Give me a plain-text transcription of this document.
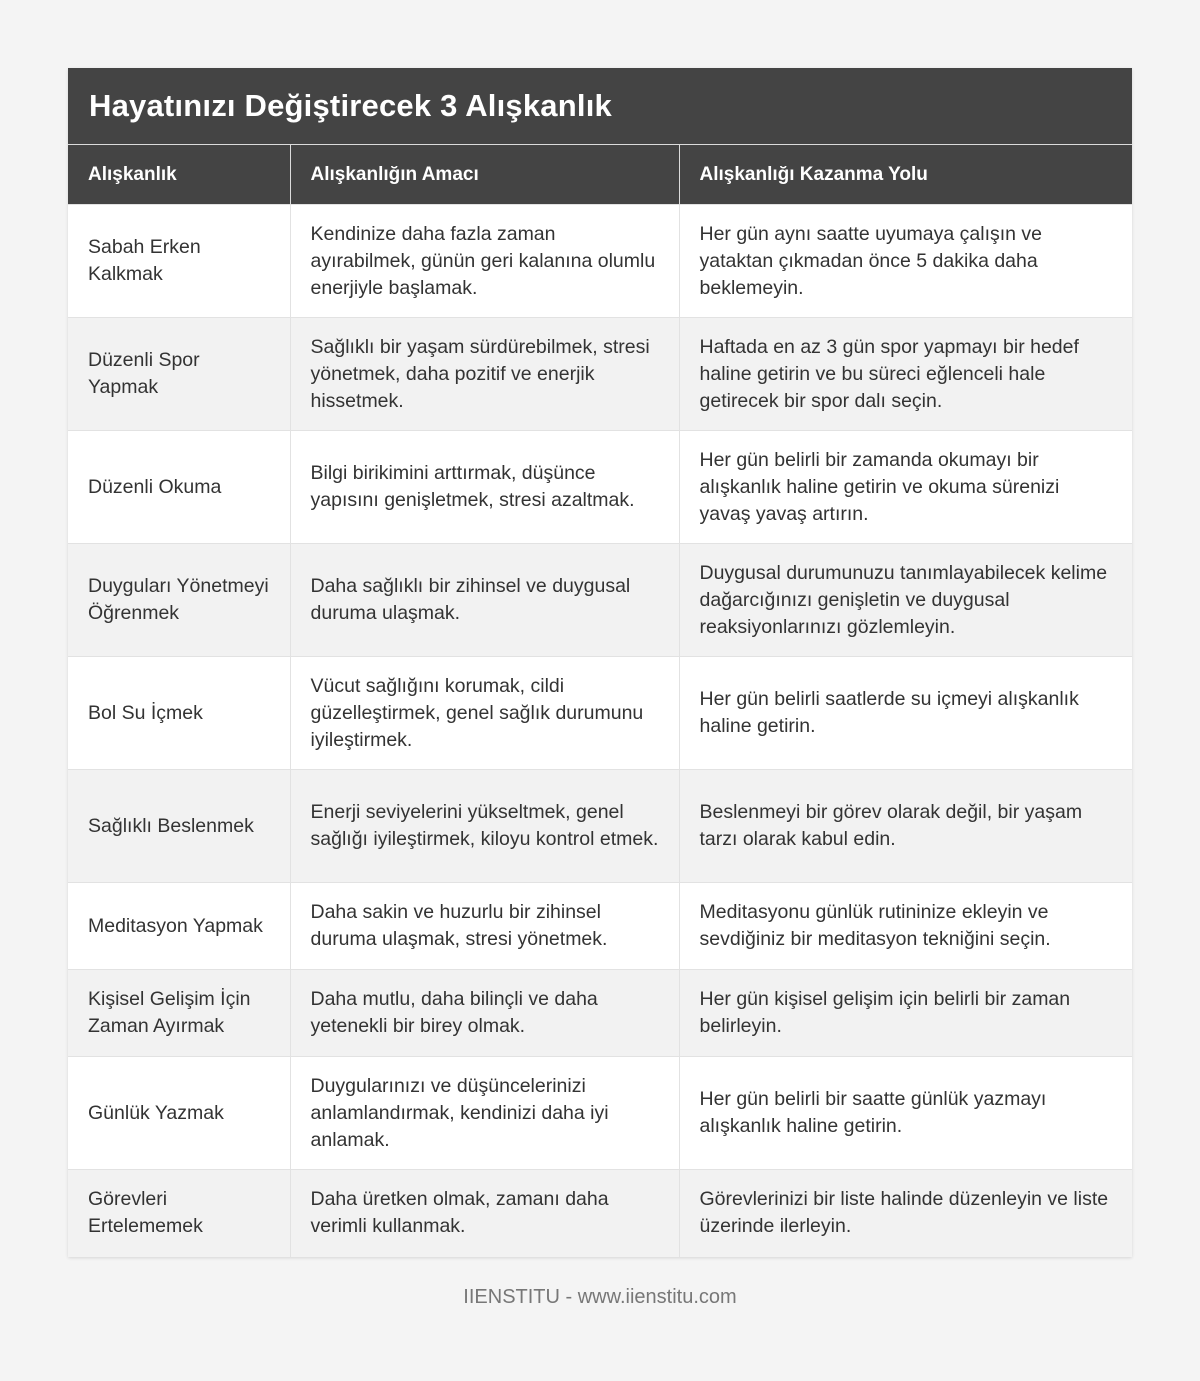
Hayatınızı Değiştirecek 3 Alışkanlık
Alışkanlık	Alışkanlığın Amacı	Alışkanlığı Kazanma Yolu
Sabah Erken Kalkmak	Kendinize daha fazla zaman ayırabilmek, günün geri kalanına olumlu enerjiyle başlamak.	Her gün aynı saatte uyumaya çalışın ve yataktan çıkmadan önce 5 dakika daha beklemeyin.
Düzenli Spor Yapmak	Sağlıklı bir yaşam sürdürebilmek, stresi yönetmek, daha pozitif ve enerjik hissetmek.	Haftada en az 3 gün spor yapmayı bir hedef haline getirin ve bu süreci eğlenceli hale getirecek bir spor dalı seçin.
Düzenli Okuma	Bilgi birikimini arttırmak, düşünce yapısını genişletmek, stresi azaltmak.	Her gün belirli bir zamanda okumayı bir alışkanlık haline getirin ve okuma sürenizi yavaş yavaş artırın.
Duyguları Yönetmeyi Öğrenmek	Daha sağlıklı bir zihinsel ve duygusal duruma ulaşmak.	Duygusal durumunuzu tanımlayabilecek kelime dağarcığınızı genişletin ve duygusal reaksiyonlarınızı gözlemleyin.
Bol Su İçmek	Vücut sağlığını korumak, cildi güzelleştirmek, genel sağlık durumunu iyileştirmek.	Her gün belirli saatlerde su içmeyi alışkanlık haline getirin.
Sağlıklı Beslenmek	Enerji seviyelerini yükseltmek, genel sağlığı iyileştirmek, kiloyu kontrol etmek.	Beslenmeyi bir görev olarak değil, bir yaşam tarzı olarak kabul edin.
Meditasyon Yapmak	Daha sakin ve huzurlu bir zihinsel duruma ulaşmak, stresi yönetmek.	Meditasyonu günlük rutininize ekleyin ve sevdiğiniz bir meditasyon tekniğini seçin.
Kişisel Gelişim İçin Zaman Ayırmak	Daha mutlu, daha bilinçli ve daha yetenekli bir birey olmak.	Her gün kişisel gelişim için belirli bir zaman belirleyin.
Günlük Yazmak	Duygularınızı ve düşüncelerinizi anlamlandırmak, kendinizi daha iyi anlamak.	Her gün belirli bir saatte günlük yazmayı alışkanlık haline getirin.
Görevleri Ertelememek	Daha üretken olmak, zamanı daha verimli kullanmak.	Görevlerinizi bir liste halinde düzenleyin ve liste üzerinde ilerleyin.
IIENSTITU - www.iienstitu.com
